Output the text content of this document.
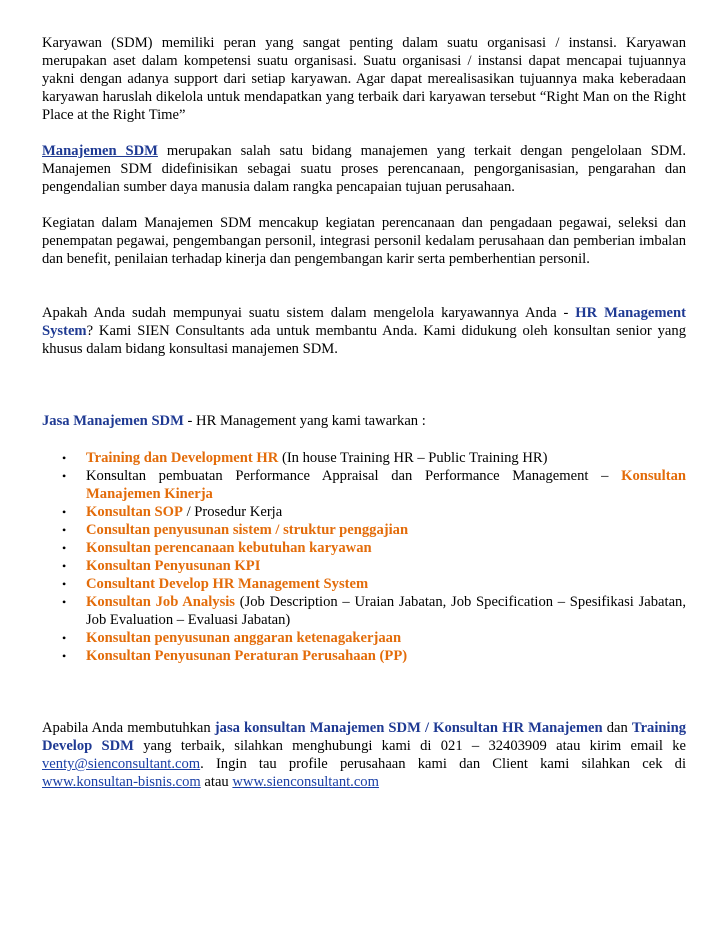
Karyawan (SDM) memiliki peran yang sangat penting dalam suatu organisasi / instansi. Karyawan merupakan aset dalam kompetensi suatu organisasi. Suatu organisasi / instansi dapat mencapai tujuannya yakni dengan adanya support dari setiap karyawan. Agar dapat merealisasikan tujuannya maka keberadaan karyawan haruslah dikelola untuk mendapatkan yang terbaik dari karyawan tersebut “Right Man on the Right Place at the Right Time”

Manajemen SDM merupakan salah satu bidang manajemen yang terkait dengan pengelolaan SDM. Manajemen SDM didefinisikan sebagai suatu proses perencanaan, pengorganisasian, pengarahan dan pengendalian sumber daya manusia dalam rangka pencapaian tujuan perusahaan.

Kegiatan dalam Manajemen SDM mencakup kegiatan perencanaan dan pengadaan pegawai, seleksi dan penempatan pegawai, pengembangan personil, integrasi personil kedalam perusahaan dan pemberian imbalan dan benefit, penilaian terhadap kinerja dan pengembangan karir serta pemberhentian personil.

Apakah Anda sudah mempunyai suatu sistem dalam mengelola karyawannya Anda - HR Management System? Kami SIEN Consultants ada untuk membantu Anda. Kami didukung oleh konsultan senior yang khusus dalam bidang konsultasi manajemen SDM.

Jasa Manajemen SDM - HR Management yang kami tawarkan :

• Training dan Development HR (In house Training HR – Public Training HR)
• Konsultan pembuatan Performance Appraisal dan Performance Management – Konsultan Manajemen Kinerja
• Konsultan SOP / Prosedur Kerja
• Consultan penyusunan sistem / struktur penggajian
• Konsultan perencanaan kebutuhan karyawan
• Konsultan Penyusunan KPI
• Consultant Develop HR Management System
• Konsultan Job Analysis (Job Description – Uraian Jabatan, Job Specification – Spesifikasi Jabatan, Job Evaluation – Evaluasi Jabatan)
• Konsultan penyusunan anggaran ketenagakerjaan
• Konsultan Penyusunan Peraturan Perusahaan (PP)

Apabila Anda membutuhkan jasa konsultan Manajemen SDM / Konsultan HR Manajemen dan Training Develop SDM yang terbaik, silahkan menghubungi kami di 021 – 32403909 atau kirim email ke venty@sienconsultant.com. Ingin tau profile perusahaan kami dan Client kami silahkan cek di www.konsultan-bisnis.com atau www.sienconsultant.com
